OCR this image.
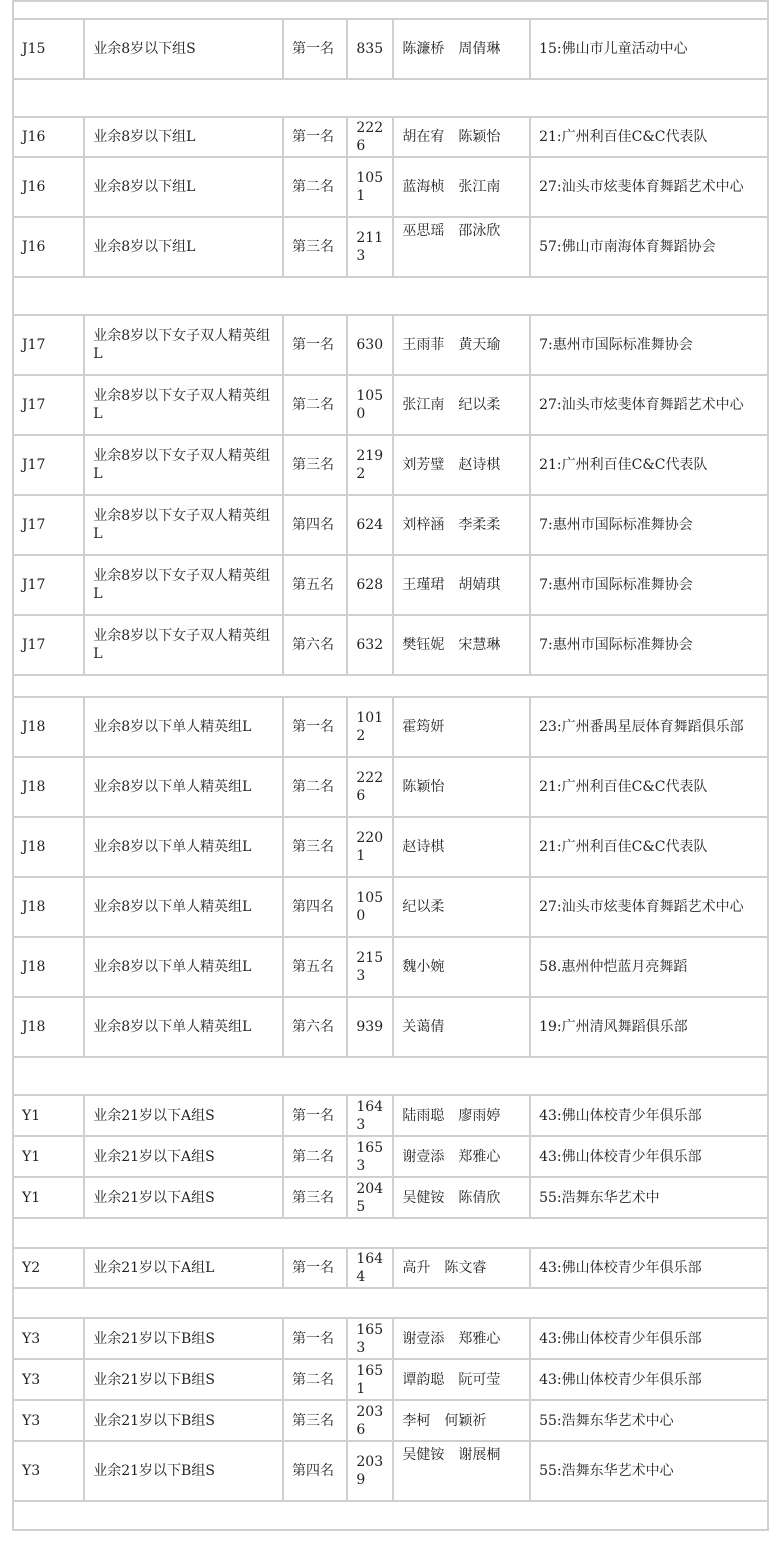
J15	业余8岁以下组S	第一名	835	陈濂桥 周倩琳	15:佛山市儿童活动中心

J16	业余8岁以下组L	第一名	2226	胡在宥 陈颖怡	21:广州利百佳C&C代表队
J16	业余8岁以下组L	第二名	1051	蓝海桢 张江南	27:汕头市炫斐体育舞蹈艺术中心
J16	业余8岁以下组L	第三名	2113	巫思瑶 邵泳欣	57:佛山市南海体育舞蹈协会

J17	业余8岁以下女子双人精英组L	第一名	630	王雨菲 黄天瑜	7:惠州市国际标准舞协会
J17	业余8岁以下女子双人精英组L	第二名	1050	张江南 纪以柔	27:汕头市炫斐体育舞蹈艺术中心
J17	业余8岁以下女子双人精英组L	第三名	2192	刘芳璧 赵诗棋	21:广州利百佳C&C代表队
J17	业余8岁以下女子双人精英组L	第四名	624	刘梓涵 李柔柔	7:惠州市国际标准舞协会
J17	业余8岁以下女子双人精英组L	第五名	628	王瑾珺 胡婧琪	7:惠州市国际标准舞协会
J17	业余8岁以下女子双人精英组L	第六名	632	樊钰妮 宋慧琳	7:惠州市国际标准舞协会

J18	业余8岁以下单人精英组L	第一名	1012	霍筠妍	23:广州番禺星辰体育舞蹈俱乐部
J18	业余8岁以下单人精英组L	第二名	2226	陈颖怡	21:广州利百佳C&C代表队
J18	业余8岁以下单人精英组L	第三名	2201	赵诗棋	21:广州利百佳C&C代表队
J18	业余8岁以下单人精英组L	第四名	1050	纪以柔	27:汕头市炫斐体育舞蹈艺术中心
J18	业余8岁以下单人精英组L	第五名	2153	魏小婉	58.惠州仲恺蓝月亮舞蹈
J18	业余8岁以下单人精英组L	第六名	939	关蔼倩	19:广州清风舞蹈俱乐部

Y1	业余21岁以下A组S	第一名	1643	陆雨聪 廖雨婷	43:佛山体校青少年俱乐部
Y1	业余21岁以下A组S	第二名	1653	谢壹添 郑雅心	43:佛山体校青少年俱乐部
Y1	业余21岁以下A组S	第三名	2045	吴健铵 陈倩欣	55:浩舞东华艺术中

Y2	业余21岁以下A组L	第一名	1644	高升 陈文睿	43:佛山体校青少年俱乐部

Y3	业余21岁以下B组S	第一名	1653	谢壹添 郑雅心	43:佛山体校青少年俱乐部
Y3	业余21岁以下B组S	第二名	1651	谭韵聪 阮可莹	43:佛山体校青少年俱乐部
Y3	业余21岁以下B组S	第三名	2036	李柯 何颖祈	55:浩舞东华艺术中心
Y3	业余21岁以下B组S	第四名	2039	吴健铵 谢展桐	55:浩舞东华艺术中心
